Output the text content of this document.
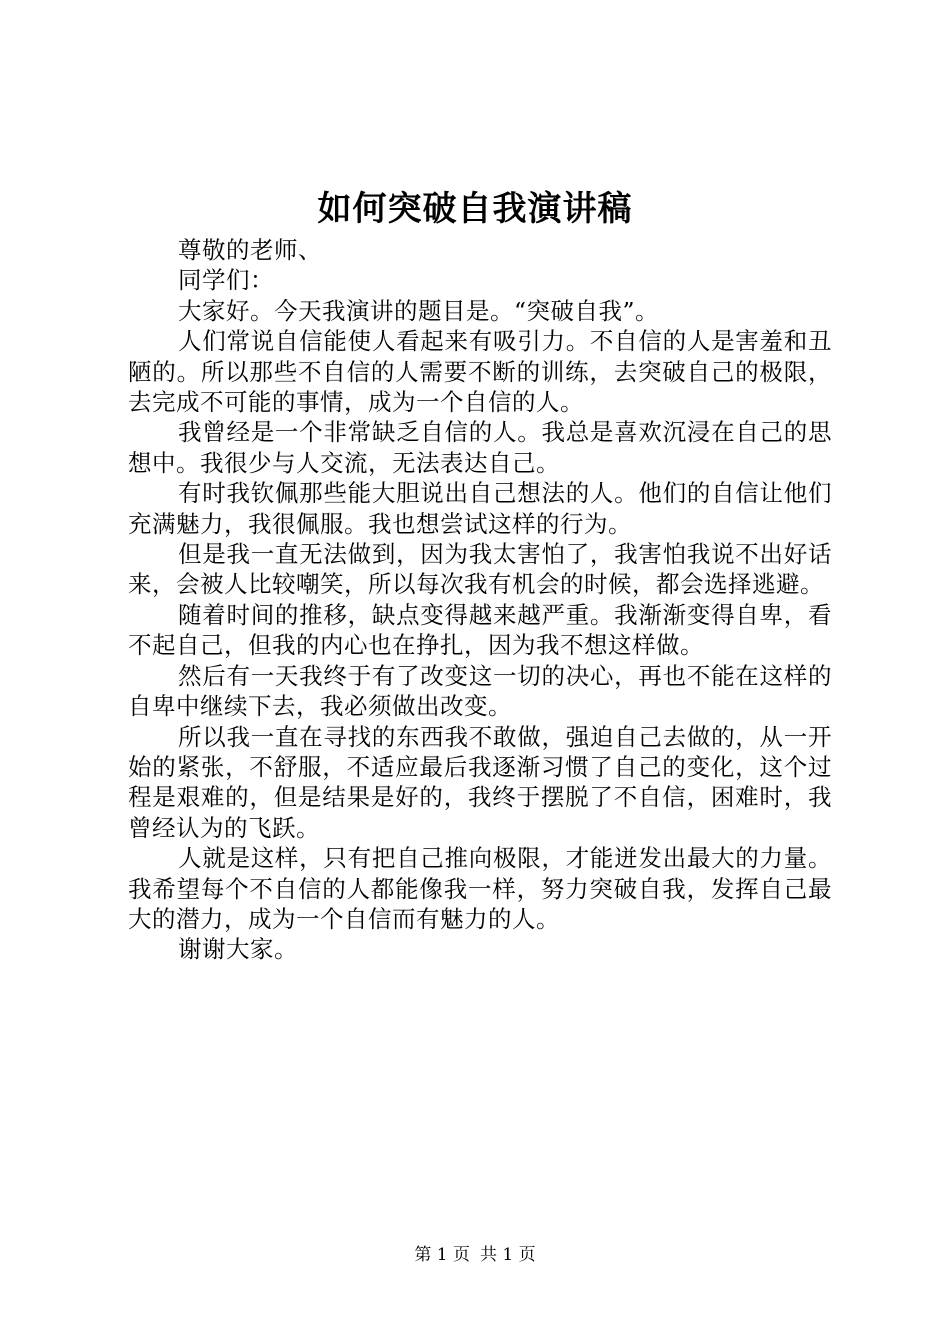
如何突破自我演讲稿

尊敬的老师、

同学们：

大家好。今天我演讲的题目是。“突破自我”。

人们常说自信能使人看起来有吸引力。不自信的人是害羞和丑陋的。所以那些不自信的人需要不断的训练，去突破自己的极限，去完成不可能的事情，成为一个自信的人。

我曾经是一个非常缺乏自信的人。我总是喜欢沉浸在自己的思想中。我很少与人交流，无法表达自己。

有时我钦佩那些能大胆说出自己想法的人。他们的自信让他们充满魅力，我很佩服。我也想尝试这样的行为。

但是我一直无法做到，因为我太害怕了，我害怕我说不出好话来，会被人比较嘲笑，所以每次我有机会的时候，都会选择逃避。

随着时间的推移，缺点变得越来越严重。我渐渐变得自卑，看不起自己，但我的内心也在挣扎，因为我不想这样做。

然后有一天我终于有了改变这一切的决心，再也不能在这样的自卑中继续下去，我必须做出改变。

所以我一直在寻找的东西我不敢做，强迫自己去做的，从一开始的紧张，不舒服，不适应最后我逐渐习惯了自己的变化，这个过程是艰难的，但是结果是好的，我终于摆脱了不自信，困难时，我曾经认为的飞跃。

人就是这样，只有把自己推向极限，才能迸发出最大的力量。我希望每个不自信的人都能像我一样，努力突破自我，发挥自己最大的潜力，成为一个自信而有魅力的人。

谢谢大家。

第 1 页 共 1 页
